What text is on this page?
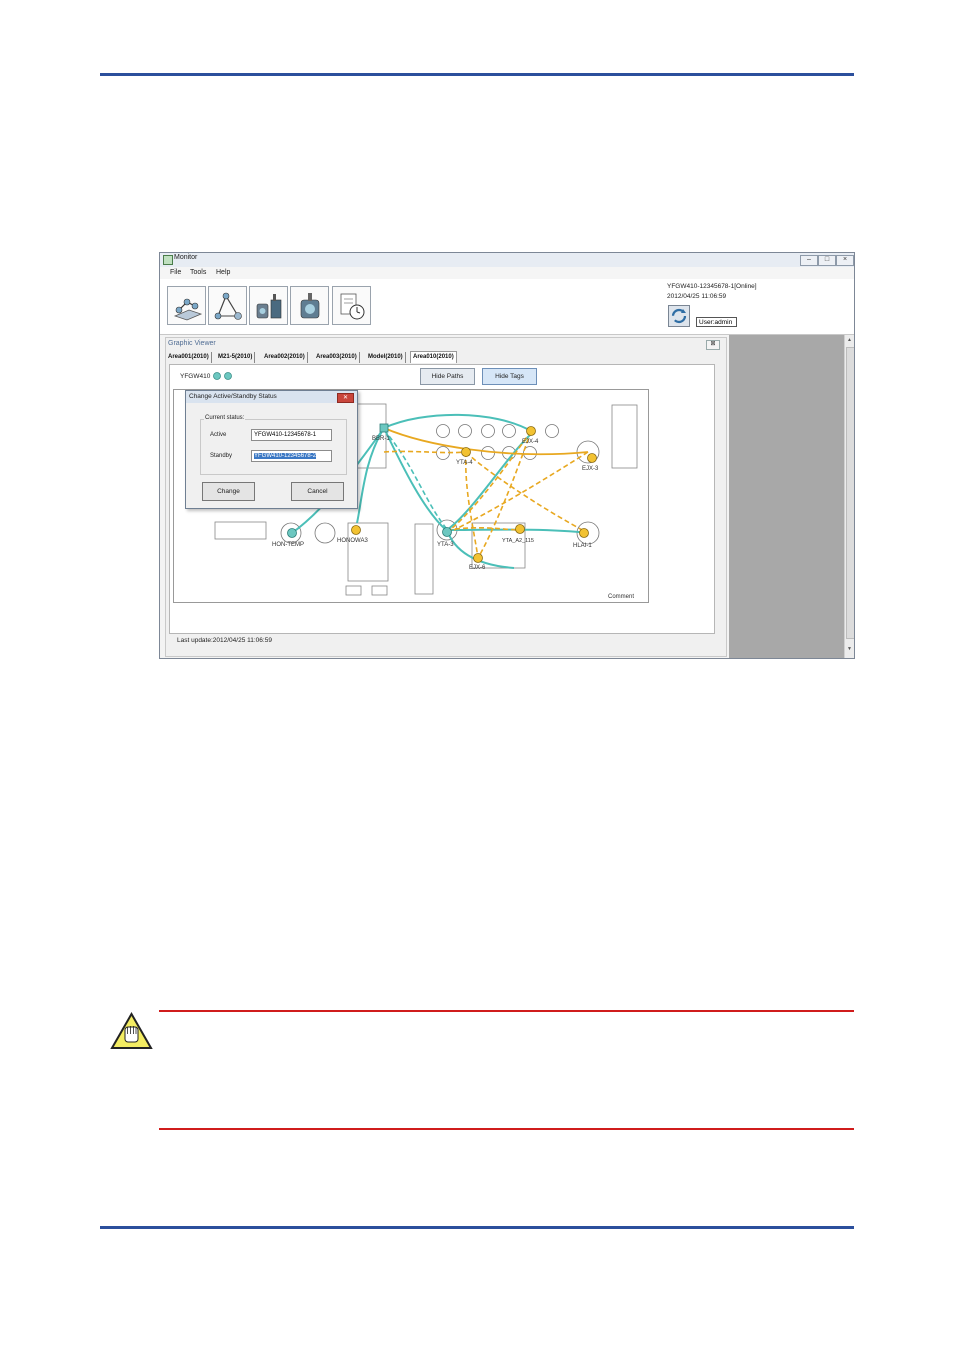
Monitor	–	□	×
File Tools Help
YFGW410-12345678-1[Online]
2012/04/25 11:06:59
User:admin
Graphic Viewer	⊠
Area001(2010)	M21-5(2010)	Area002(2010)	Area003(2010)	Model(2010)	Area010(2010)
YFGW410	Hide Paths	Hide Tags
BBR-1	EJX-4
YTA-4
EJX-3
HON-TEMP
HONOWA3
YTA-3
YTA_A2_115
HLAI-1
EJX-6
Comment
Last update:2012/04/25 11:06:59
▲
▼
Change Active/Standby Status	✕
Current status:
Active	YFGW410-12345678-1
Standby	YFGW410-12345678-2
Change	Cancel
